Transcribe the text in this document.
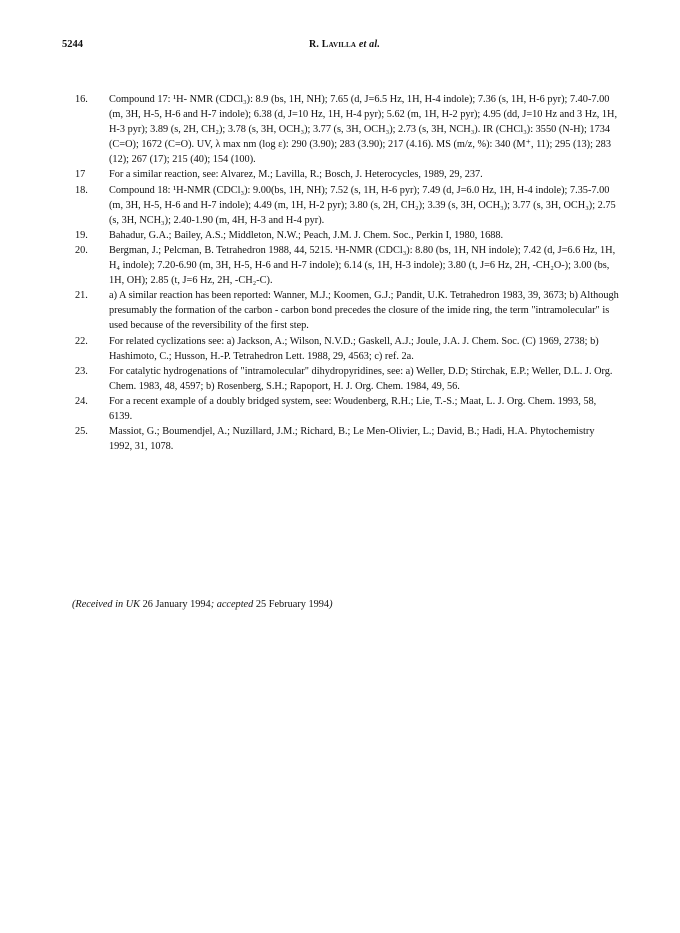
5244	R. Lavilla et al.
16.	Compound 17: ¹H- NMR (CDCl₃): 8.9 (bs, 1H, NH); 7.65 (d, J=6.5 Hz, 1H, H-4 indole); 7.36 (s, 1H, H-6 pyr); 7.40-7.00 (m, 3H, H-5, H-6 and H-7 indole); 6.38 (d, J=10 Hz, 1H, H-4 pyr); 5.62 (m, 1H, H-2 pyr); 4.95 (dd, J=10 Hz and 3 Hz, 1H, H-3 pyr); 3.89 (s, 2H, CH₂); 3.78 (s, 3H, OCH₃); 3.77 (s, 3H, OCH₃); 2.73 (s, 3H, NCH₃). IR (CHCl₃): 3550 (N-H); 1734 (C=O); 1672 (C=O). UV, λ max nm (log ε): 290 (3.90); 283 (3.90); 217 (4.16). MS (m/z, %): 340 (M⁺, 11); 295 (13); 283 (12); 267 (17); 215 (40); 154 (100).
17	For a similar reaction, see: Alvarez, M.; Lavilla, R.; Bosch, J. Heterocycles, 1989, 29, 237.
18.	Compound 18: ¹H-NMR (CDCl₃): 9.00(bs, 1H, NH); 7.52 (s, 1H, H-6 pyr); 7.49 (d, J=6.0 Hz, 1H, H-4 indole); 7.35-7.00 (m, 3H, H-5, H-6 and H-7 indole); 4.49 (m, 1H, H-2 pyr); 3.80 (s, 2H, CH₂); 3.39 (s, 3H, OCH₃); 3.77 (s, 3H, OCH₃); 2.75 (s, 3H, NCH₃); 2.40-1.90 (m, 4H, H-3 and H-4 pyr).
19.	Bahadur, G.A.; Bailey, A.S.; Middleton, N.W.; Peach, J.M. J. Chem. Soc., Perkin I, 1980, 1688.
20.	Bergman, J.; Pelcman, B. Tetrahedron 1988, 44, 5215. ¹H-NMR (CDCl₃): 8.80 (bs, 1H, NH indole); 7.42 (d, J=6.6 Hz, 1H, H₄ indole); 7.20-6.90 (m, 3H, H-5, H-6 and H-7 indole); 6.14 (s, 1H, H-3 indole); 3.80 (t, J=6 Hz, 2H, -CH₂O-); 3.00 (bs, 1H, OH); 2.85 (t, J=6 Hz, 2H, -CH₂-C).
21.	a) A similar reaction has been reported: Wanner, M.J.; Koomen, G.J.; Pandit, U.K. Tetrahedron 1983, 39, 3673; b) Although presumably the formation of the carbon - carbon bond precedes the closure of the imide ring, the term "intramolecular" is used because of the reversibility of the first step.
22.	For related cyclizations see: a) Jackson, A.; Wilson, N.V.D.; Gaskell, A.J.; Joule, J.A. J. Chem. Soc. (C) 1969, 2738; b) Hashimoto, C.; Husson, H.-P. Tetrahedron Lett. 1988, 29, 4563; c) ref. 2a.
23.	For catalytic hydrogenations of "intramolecular" dihydropyridines, see: a) Weller, D.D; Stirchak, E.P.; Weller, D.L. J. Org. Chem. 1983, 48, 4597; b) Rosenberg, S.H.; Rapoport, H. J. Org. Chem. 1984, 49, 56.
24.	For a recent example of a doubly bridged system, see: Woudenberg, R.H.; Lie, T.-S.; Maat, L. J. Org. Chem. 1993, 58, 6139.
25.	Massiot, G.; Boumendjel, A.; Nuzillard, J.M.; Richard, B.; Le Men-Olivier, L.; David, B.; Hadi, H.A. Phytochemistry 1992, 31, 1078.
(Received in UK 26 January 1994; accepted 25 February 1994)
